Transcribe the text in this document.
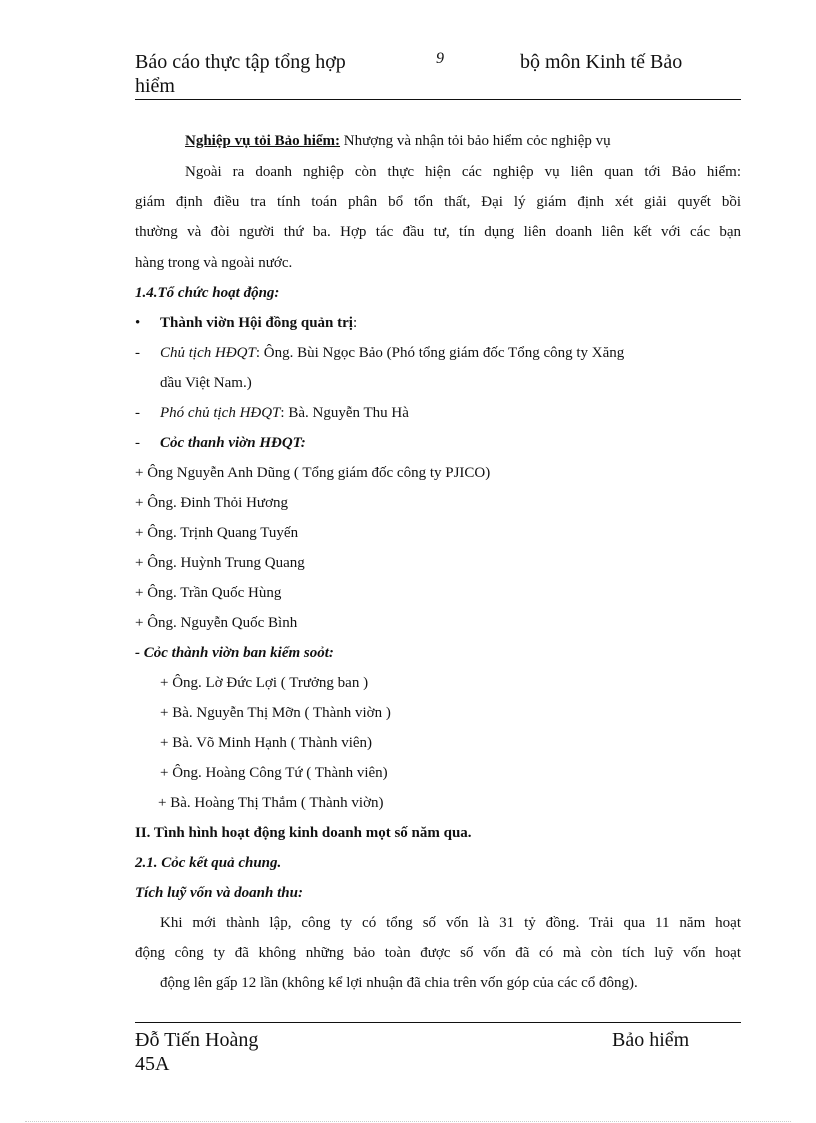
Báo cáo thực tập tổng hợp
hiểm
9	bộ môn Kinh tế Bảo
Nghiệp vụ tỏi Bảo hiểm: Nhượng và nhận tỏi bảo hiểm cỏc nghiệp vụ
Ngoài ra doanh nghiệp còn thực hiện các nghiệp vụ liên quan tới Bảo hiểm:
giám định điều tra tính toán phân bổ tổn thất, Đại lý giám định xét giải quyết bồi
thường và đòi người thứ ba. Hợp tác đầu tư, tín dụng liên doanh liên kết với các bạn
hàng trong và ngoài nước.
1.4.Tổ chức hoạt động:
• Thành viờn Hội đồng quản trị:
- Chủ tịch HĐQT: Ông. Bùi Ngọc Bảo (Phó tổng giám đốc Tổng công ty Xăng
dầu Việt Nam.)
- Phó chủ tịch HĐQT: Bà. Nguyễn Thu Hà
- Cỏc thanh viờn HĐQT:
+ Ông Nguyễn Anh Dũng ( Tổng giám đốc công ty PJICO)
+ Ông. Đinh Thỏi Hương
+ Ông. Trịnh Quang Tuyến
+ Ông. Huỳnh Trung Quang
+ Ông. Trần Quốc Hùng
+ Ông. Nguyễn Quốc Bình
- Cỏc thành viờn ban kiểm soỏt:
+ Ông. Lờ Đức Lợi ( Trưởng ban )
+ Bà. Nguyễn Thị Mỡn ( Thành viờn )
+ Bà. Võ Minh Hạnh ( Thành viên)
+ Ông. Hoàng Công Tứ ( Thành viên)
+ Bà. Hoàng Thị Thắm ( Thành viờn)
II. Tình hình hoạt động kinh doanh mọt số năm qua.
2.1. Cỏc kết quả chung.
Tích luỹ vốn và doanh thu:
Khi mới thành lập, công ty có tổng số vốn là 31 tỷ đồng. Trải qua 11 năm hoạt
động công ty đã không những bảo toàn được số vốn đã có mà còn tích luỹ vốn hoạt
động lên gấp 12 lần (không kể lợi nhuận đã chia trên vốn góp của các cổ đông).
Đỗ Tiến Hoàng
45A
Bảo hiểm
